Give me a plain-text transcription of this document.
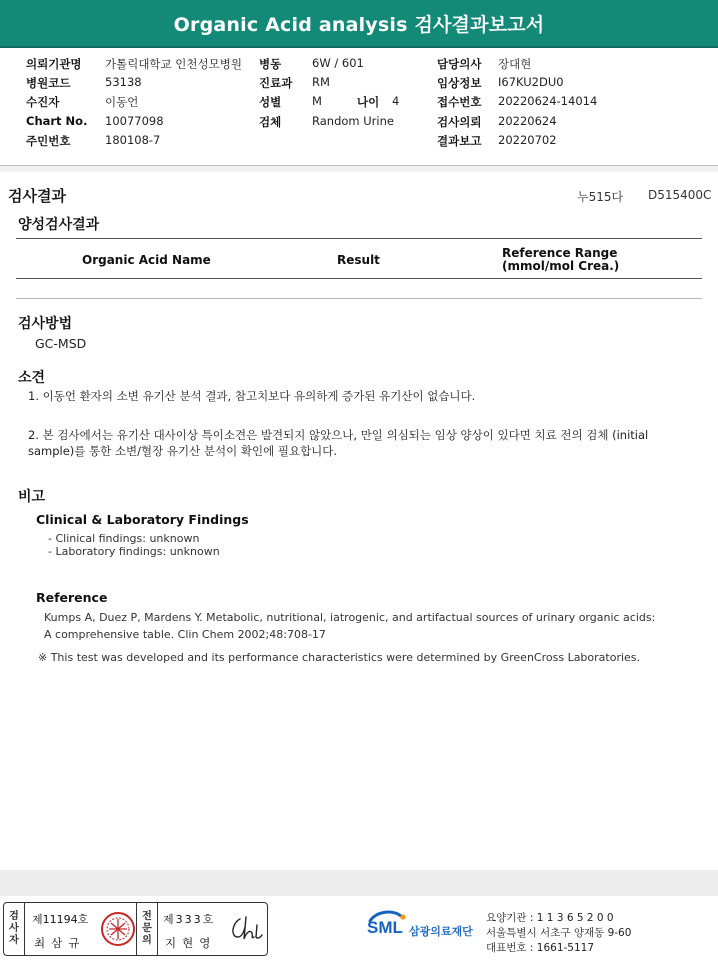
Organic Acid analysis 검사결과보고서
의뢰기관명 가톨릭대학교 인천성모병원 병동	6W / 601	담당의사 장대현
병원코드	53138	진료과 RM	임상정보 I67KU2DU0
수진자	이동언	성별	M	나이 4	접수번호 20220624-14014
Chart No. 10077098	검체	Random Urine	검사의뢰 20220624
주민번호	180108-7	결과보고 20220702
검사결과	누515다 D515400C
양성검사결과
Organic Acid Name	Result	Reference Range
(mmol/mol Crea.)
검사방법
GC-MSD
소견
1. 이동언 환자의 소변 유기산 분석 결과, 참고치보다 유의하게 증가된 유기산이 없습니다.
2. 본 검사에서는 유기산 대사이상 특이소견은 발견되지 않았으나, 만일 의심되는 임상 양상이 있다면 치료 전의 검체 (initial
sample)를 통한 소변/혈장 유기산 분석이 확인에 필요합니다.
비고
Clinical & Laboratory Findings
- Clinical findings: unknown
- Laboratory findings: unknown
Reference
Kumps A, Duez P, Mardens Y. Metabolic, nutritional, iatrogenic, and artifactual sources of urinary organic acids:
A comprehensive table. Clin Chem 2002;48:708-17
※ This test was developed and its performance characteristics were determined by GreenCross Laboratories.
검
사
자
제11194호
최삼규
전
문
의
제333호
지현영
SML 삼광의료재단
요양기관 : 1 1 3 6 5 2 0 0
서울특별시 서초구 양재동 9-60
대표번호 : 1661-5117
